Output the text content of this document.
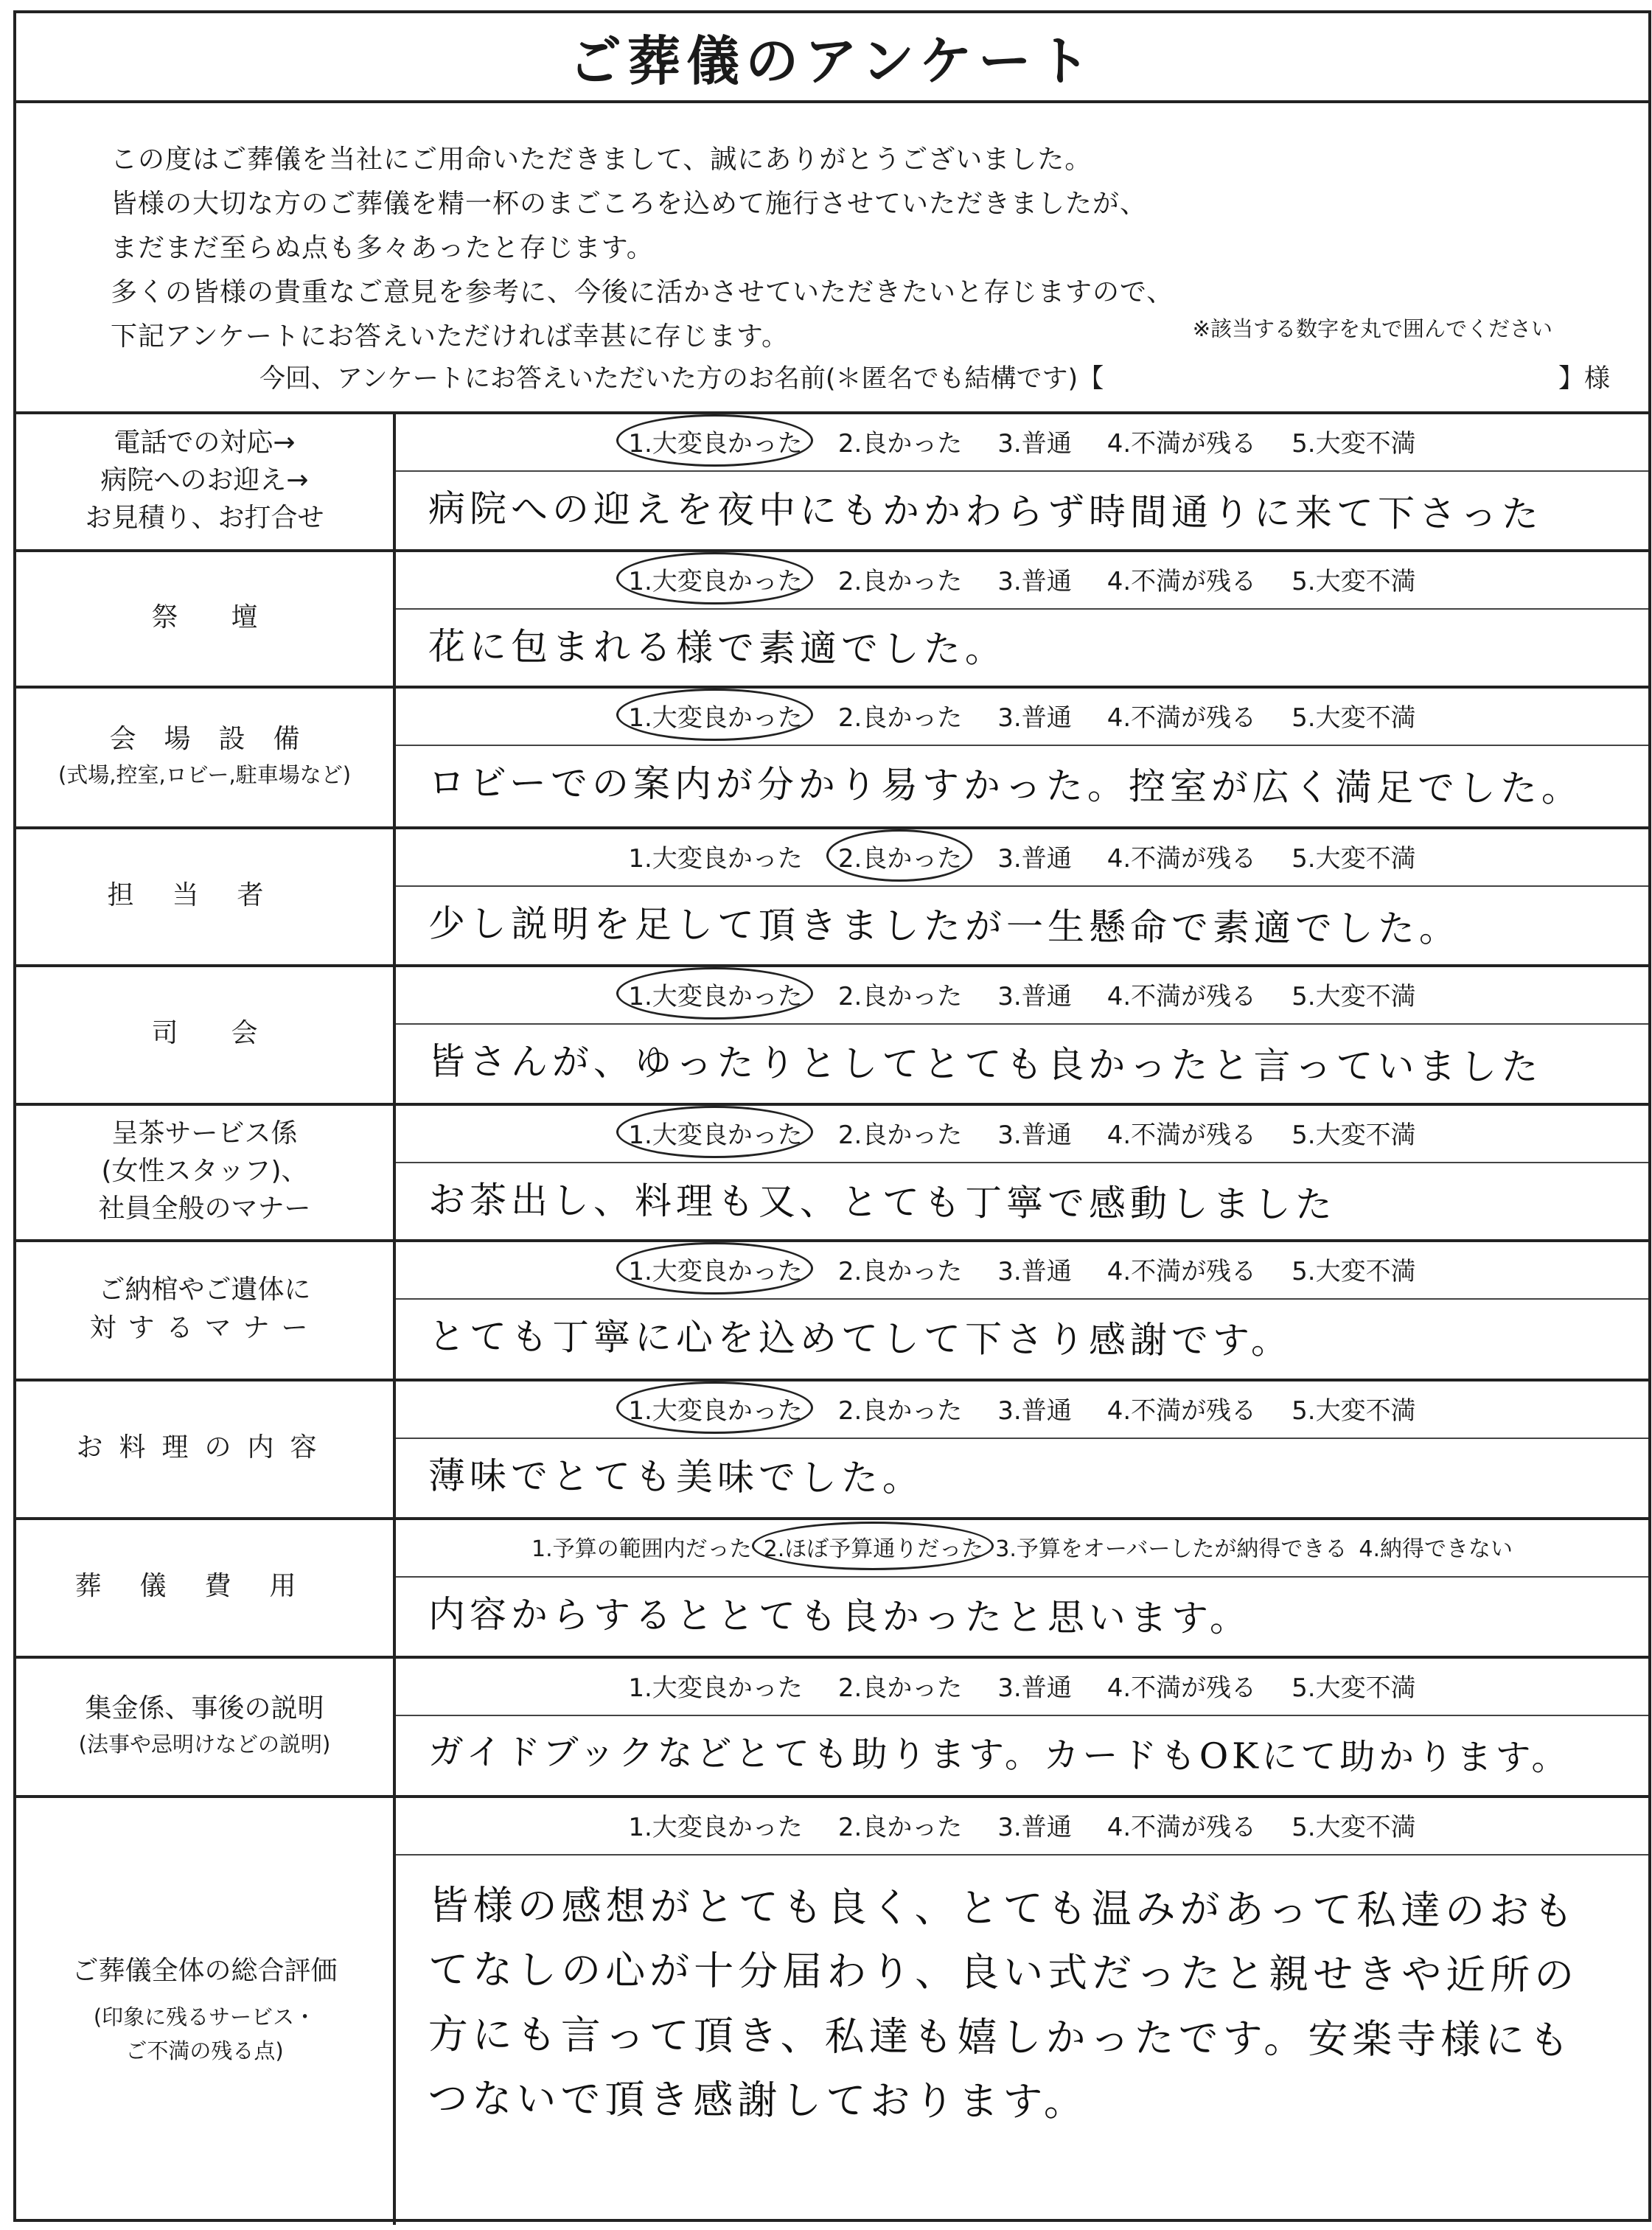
ご葬儀のアンケート
この度はご葬儀を当社にご用命いただきまして、誠にありがとうございました。
皆様の大切な方のご葬儀を精一杯のまごころを込めて施行させていただきましたが、
まだまだ至らぬ点も多々あったと存じます。
多くの皆様の貴重なご意見を参考に、今後に活かさせていただきたいと存じますので、
下記アンケートにお答えいただければ幸甚に存じます。	※該当する数字を丸で囲んでください
今回、アンケートにお答えいただいた方のお名前(＊匿名でも結構です)【	】様
電話での対応→
病院へのお迎え→
お見積り、お打合せ
1.大変良かった 2.良かった 3.普通 4.不満が残る 5.大変不満
病院への迎えを夜中にもかかわらず時間通りに来て下さった
祭　　壇
1.大変良かった 2.良かった 3.普通 4.不満が残る 5.大変不満
花に包まれる様で素適でした。
会場設備
(式場,控室,ロビー,駐車場など)
1.大変良かった 2.良かった 3.普通 4.不満が残る 5.大変不満
ロビーでの案内が分かり易すかった。控室が広く満足でした。
担当者
1.大変良かった 2.良かった 3.普通 4.不満が残る 5.大変不満
少し説明を足して頂きましたが一生懸命で素適でした。
司　　会
1.大変良かった 2.良かった 3.普通 4.不満が残る 5.大変不満
皆さんが、ゆったりとしてとても良かったと言っていました
呈茶サービス係
(女性スタッフ)、
社員全般のマナー
1.大変良かった 2.良かった 3.普通 4.不満が残る 5.大変不満
お茶出し、料理も又、とても丁寧で感動しました
ご納棺やご遺体に
対するマナー
1.大変良かった 2.良かった 3.普通 4.不満が残る 5.大変不満
とても丁寧に心を込めてして下さり感謝です。
お料理の内容
1.大変良かった 2.良かった 3.普通 4.不満が残る 5.大変不満
薄味でとても美味でした。
葬儀費用
1.予算の範囲内だった 2.ほぼ予算通りだった 3.予算をオーバーしたが納得できる 4.納得できない
内容からするととても良かったと思います。
集金係、事後の説明
(法事や忌明けなどの説明)
1.大変良かった 2.良かった 3.普通 4.不満が残る 5.大変不満
ガイドブックなどとても助ります。カードもOKにて助かります。
ご葬儀全体の総合評価
(印象に残るサービス・
ご不満の残る点)
1.大変良かった 2.良かった 3.普通 4.不満が残る 5.大変不満
皆様の感想がとても良く、とても温みがあって私達のおもてなしの心が十分届わり、良い式だったと親せきや近所の方にも言って頂き、私達も嬉しかったです。安楽寺様にもつないで頂き感謝しております。
